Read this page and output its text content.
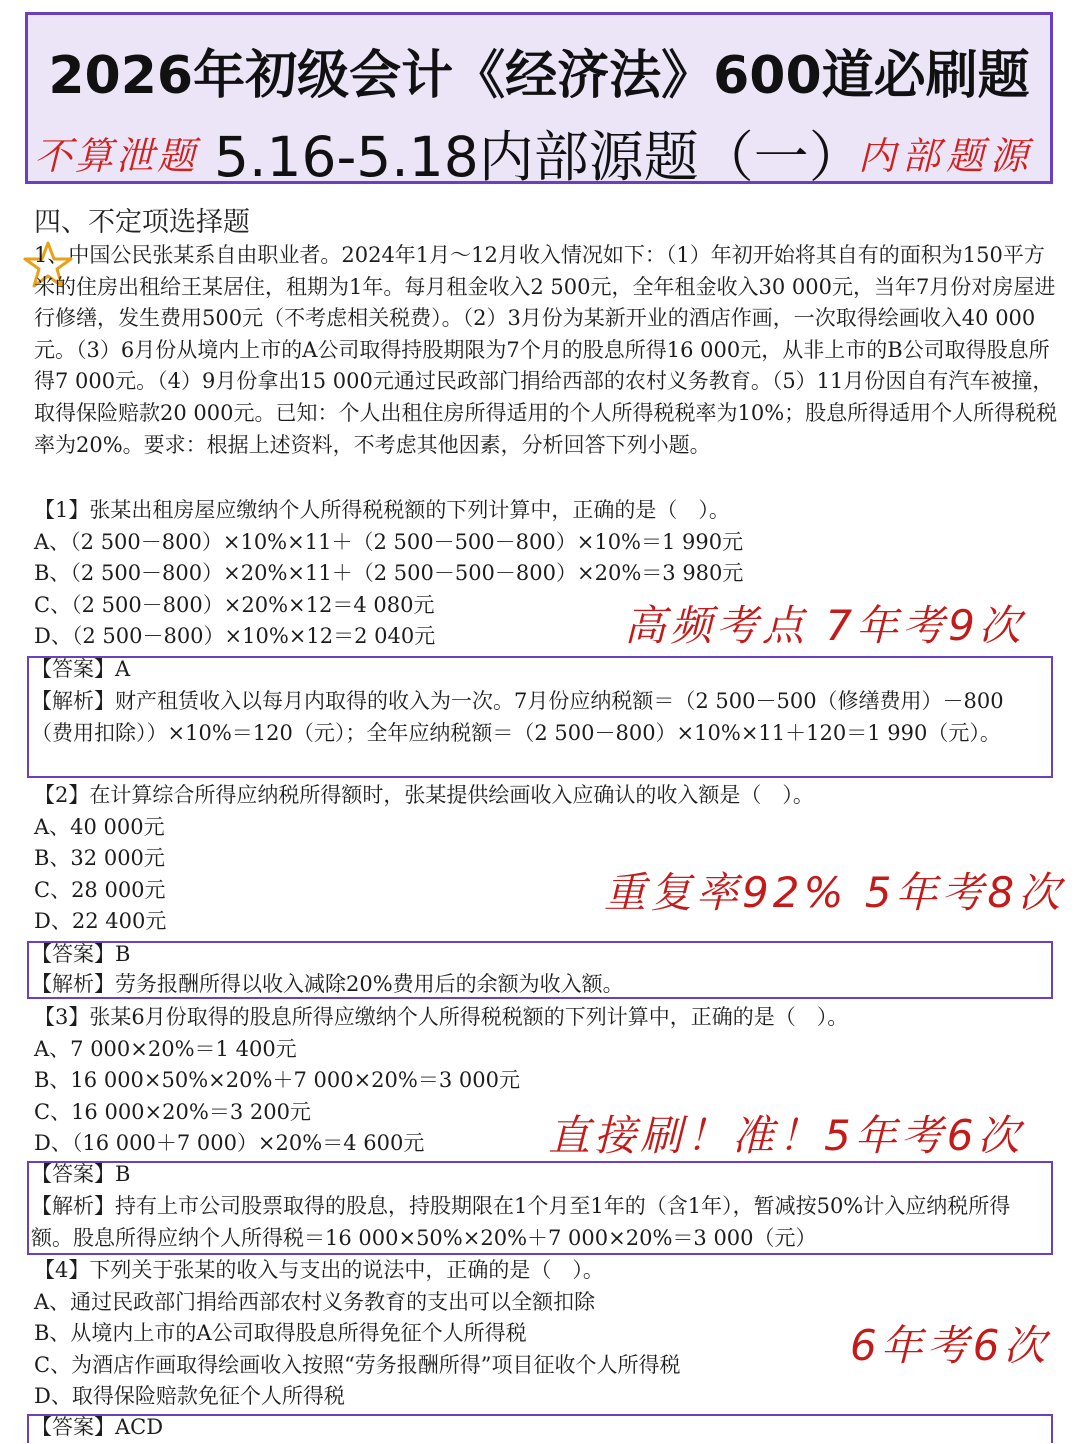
2026年初级会计《经济法》600道必刷题
不算泄题 5.16-5.18内部源题（一）
内部题源
四、不定项选择题
1、中国公民张某系自由职业者。2024年1月～12月收入情况如下：（1）年初开始将其自有的面积为150平方米的住房出租给王某居住，租期为1年。每月租金收入2 500元，全年租金收入30 000元，当年7月份对房屋进行修缮，发生费用500元（不考虑相关税费）。（2）3月份为某新开业的酒店作画，一次取得绘画收入40 000元。（3）6月份从境内上市的A公司取得持股期限为7个月的股息所得16 000元，从非上市的B公司取得股息所得7 000元。（4）9月份拿出15 000元通过民政部门捐给西部的农村义务教育。（5）11月份因自有汽车被撞，取得保险赔款20 000元。已知：个人出租住房所得适用的个人所得税税率为10%；股息所得适用个人所得税税率为20%。要求：根据上述资料，不考虑其他因素，分析回答下列小题。
【1】张某出租房屋应缴纳个人所得税税额的下列计算中，正确的是（　）。
A、（2 500－800）×10%×11＋（2 500－500－800）×10%＝1 990元
B、（2 500－800）×20%×11＋（2 500－500－800）×20%＝3 980元
C、（2 500－800）×20%×12＝4 080元
D、（2 500－800）×10%×12＝2 040元	高频考点 7年考9次
【答案】A
【解析】财产租赁收入以每月内取得的收入为一次。7月份应纳税额＝（2 500－500（修缮费用）－800（费用扣除））×10%＝120（元）；全年应纳税额＝（2 500－800）×10%×11＋120＝1 990（元）。
【2】在计算综合所得应纳税所得额时，张某提供绘画收入应确认的收入额是（　）。
A、40 000元
B、32 000元
C、28 000元
D、22 400元
重复率92% 5年考8次
【答案】B
【解析】劳务报酬所得以收入减除20%费用后的余额为收入额。
【3】张某6月份取得的股息所得应缴纳个人所得税税额的下列计算中，正确的是（　）。
A、7 000×20%＝1 400元
B、16 000×50%×20%＋7 000×20%＝3 000元
C、16 000×20%＝3 200元
D、（16 000＋7 000）×20%＝4 600元	直接刷！准！5年考6次
【答案】B
【解析】持有上市公司股票取得的股息，持股期限在1个月至1年的（含1年），暂减按50%计入应纳税所得额。股息所得应纳个人所得税＝16 000×50%×20%＋7 000×20%＝3 000（元）
【4】下列关于张某的收入与支出的说法中，正确的是（　）。
A、通过民政部门捐给西部农村义务教育的支出可以全额扣除
B、从境内上市的A公司取得股息所得免征个人所得税
C、为酒店作画取得绘画收入按照“劳务报酬所得”项目征收个人所得税
D、取得保险赔款免征个人所得税
6年考6次
【答案】ACD
